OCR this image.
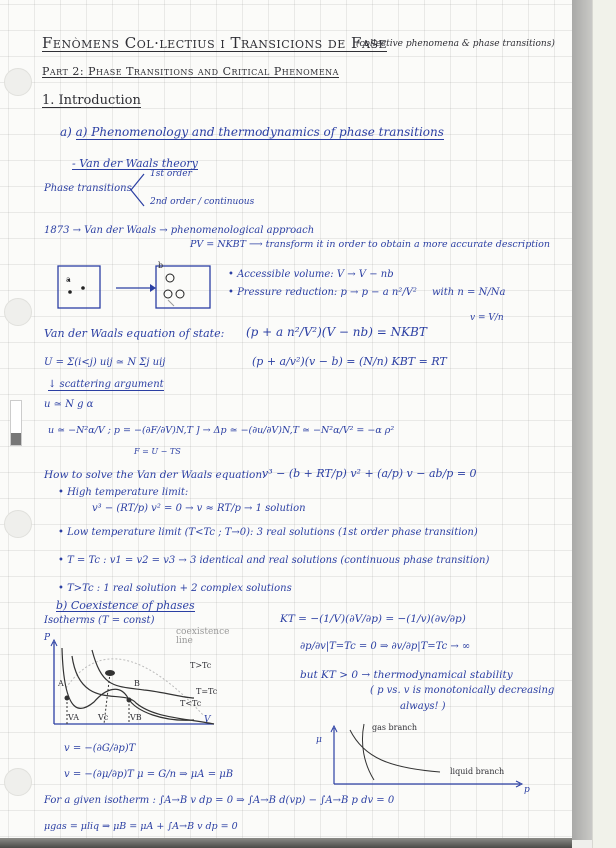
Fenòmens Col·lectius i Transicions de Fase
(collective phenomena & phase transitions)
Part 2: Phase Transitions and Critical Phenomena
1. Introduction
a) a) Phenomenology and thermodynamics of phase transitions
- Van der Waals theory
Phase transitions
1st order
2nd order / continuous
1873 → Van der Waals → phenomenological approach
PV = NKBT ⟶ transform it in order to obtain a more accurate description
b
a	• Accessible volume: V → V − nb
• Pressure reduction: p → p − a n²/V² with n = N/Na
v = V/n
Van der Waals equation of state: (p + a n²/V²)(V − nb) = NKBT
U = Σ(i<j) uij ≃ N Σj uij	(p + a/v²)(v − b) = (N/n) KBT = RT
↓ scattering argument
u ≃ N g α
u ≃ −N²α/V ; p = −(∂F/∂V)N,T ] → Δp ≃ −(∂u/∂V)N,T ≃ −N²α/V² = −α ρ²
F = U − TS
How to solve the Van der Waals equation:
v³ − (b + RT/p) v² + (a/p) v − ab/p = 0
• High temperature limit:
v³ − (RT/p) v² = 0 → v ≈ RT/p → 1 solution
• Low temperature limit (T<Tc ; T→0): 3 real solutions (1st order phase transition)
• T = Tc : v1 = v2 = v3 → 3 identical and real solutions (continuous phase transition)
• T>Tc : 1 real solution + 2 complex solutions
b) Coexistence of phases
Isotherms (T = const)
P
A	B
coexistence line
T>Tc
T=Tc
T<Tc
VA Vc	VB	V
KT = −(1/V)(∂V/∂p) = −(1/v)(∂v/∂p)
∂p/∂v|T=Tc = 0 ⇒ ∂v/∂p|T=Tc → ∞
but KT > 0 → thermodynamical stability
( p vs. v is monotonically decreasing
always! )
μ
gas branch
liquid branch
p
v = −(∂G/∂p)T
v = −(∂μ/∂p)T μ = G/n ⇒ μA = μB
For a given isotherm : ∫A→B v dp = 0 ⇒ ∫A→B d(vp) − ∫A→B p dv = 0
μgas = μliq ⇒ μB = μA + ∫A→B v dp = 0
